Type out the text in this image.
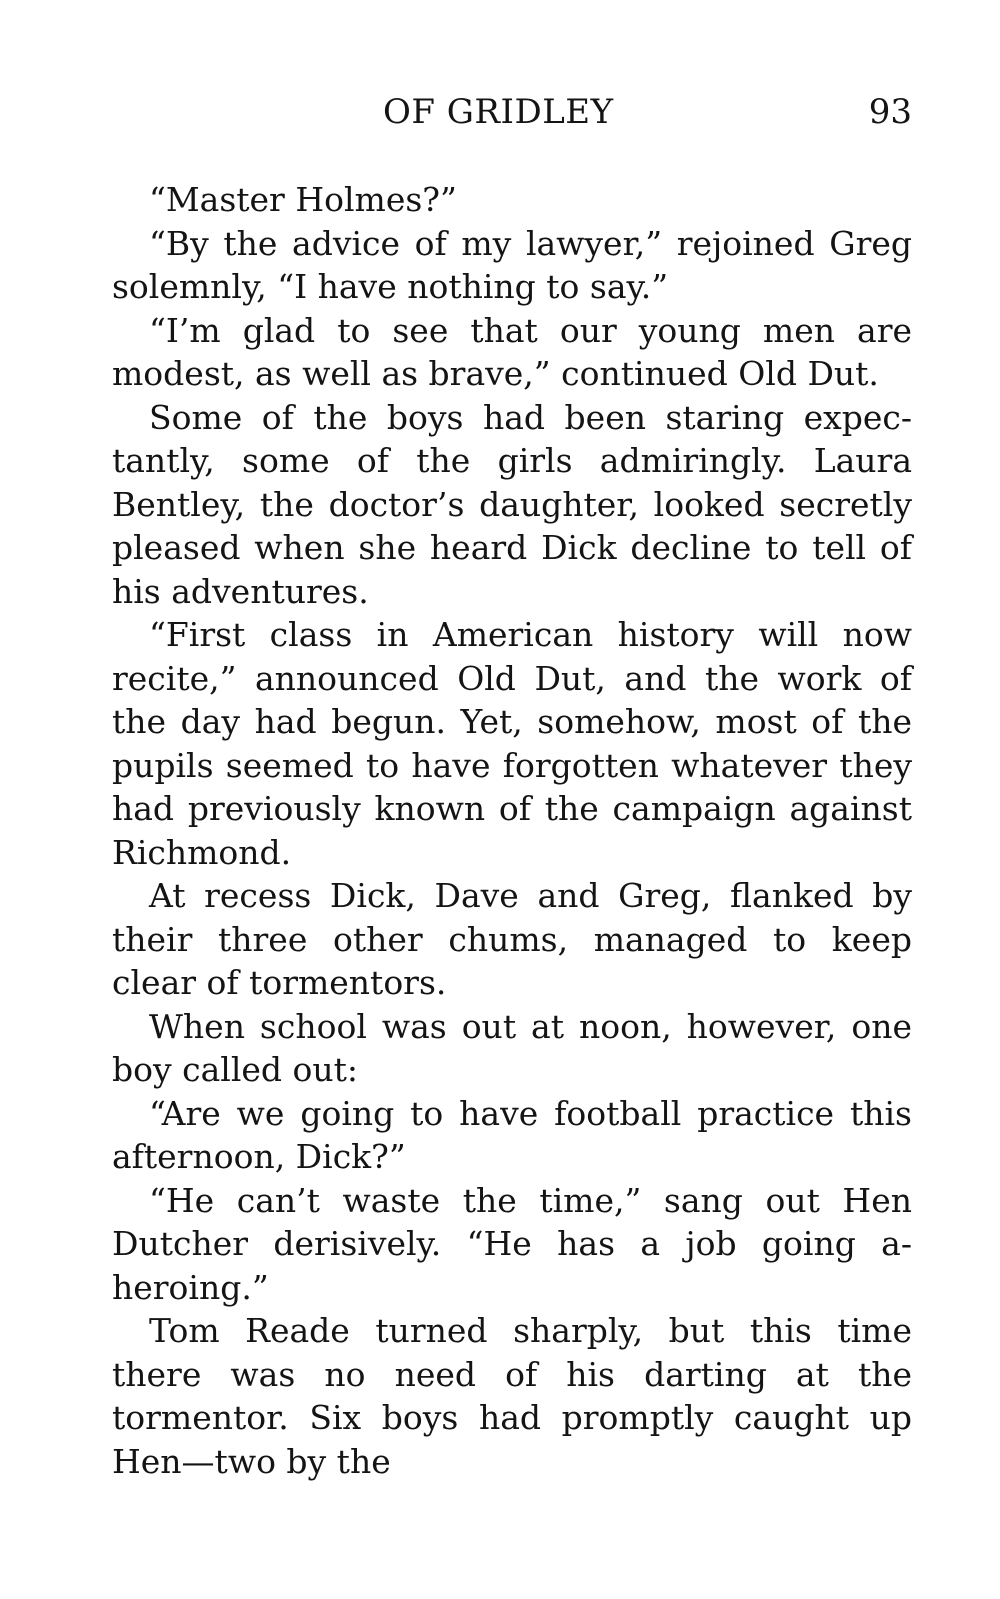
OF GRIDLEY	93

“Master Holmes?”

“By the advice of my lawyer,” rejoined Greg solemnly, “I have nothing to say.”

“I’m glad to see that our young men are modest, as well as brave,” continued Old Dut.

Some of the boys had been staring expectantly, some of the girls admiringly. Laura Bentley, the doctor’s daughter, looked secretly pleased when she heard Dick decline to tell of his adventures.

“First class in American history will now recite,” announced Old Dut, and the work of the day had begun. Yet, somehow, most of the pupils seemed to have forgotten whatever they had previously known of the campaign against Richmond.

At recess Dick, Dave and Greg, flanked by their three other chums, managed to keep clear of tormentors.

When school was out at noon, however, one boy called out:

“Are we going to have football practice this afternoon, Dick?”

“He can’t waste the time,” sang out Hen Dutcher derisively. “He has a job going a-heroing.”

Tom Reade turned sharply, but this time there was no need of his darting at the tormentor. Six boys had promptly caught up Hen—two by the
